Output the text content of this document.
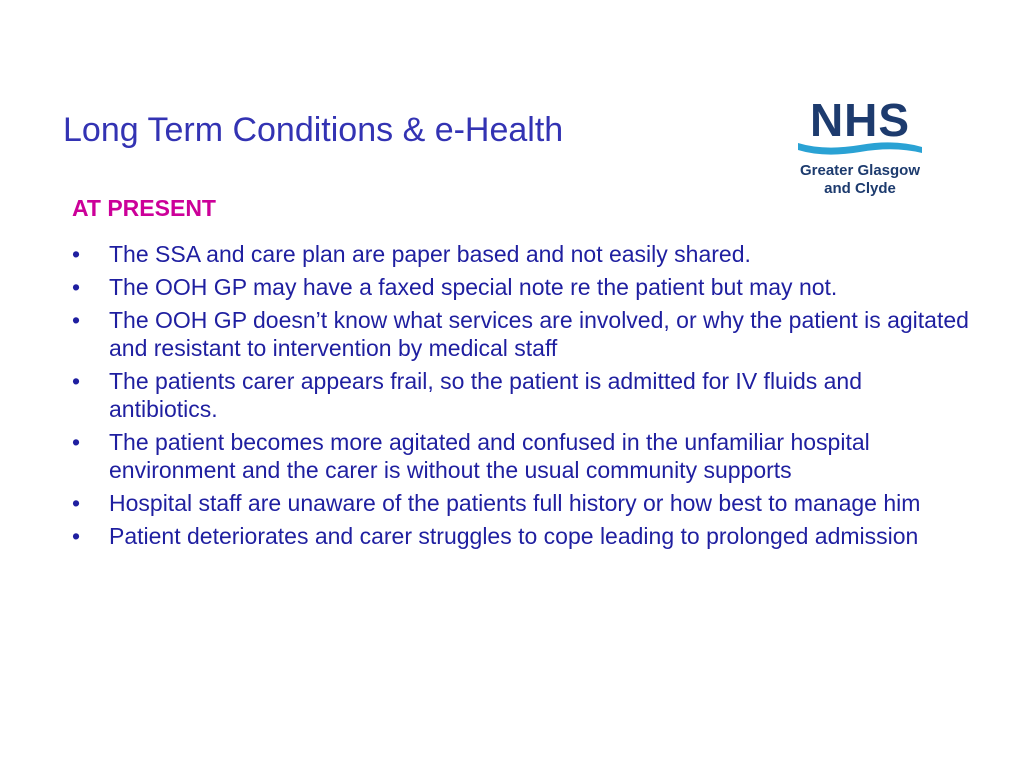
Long Term Conditions & e-Health	NHS
Greater Glasgow
and Clyde
AT PRESENT
•	The SSA and care plan are paper based and not easily shared.
•	The OOH GP may have a faxed special note re the patient but may not.
•	The OOH GP doesn’t know what services are involved, or why the patient is agitated and resistant to intervention by medical staff
•	The patients carer appears frail, so the patient is admitted for IV fluids and antibiotics.
•	The patient becomes more agitated and confused in the unfamiliar hospital environment and the carer is without the usual community supports
•	Hospital staff are unaware of the patients full history or how best to manage him
•	Patient deteriorates and carer struggles to cope leading to prolonged admission
